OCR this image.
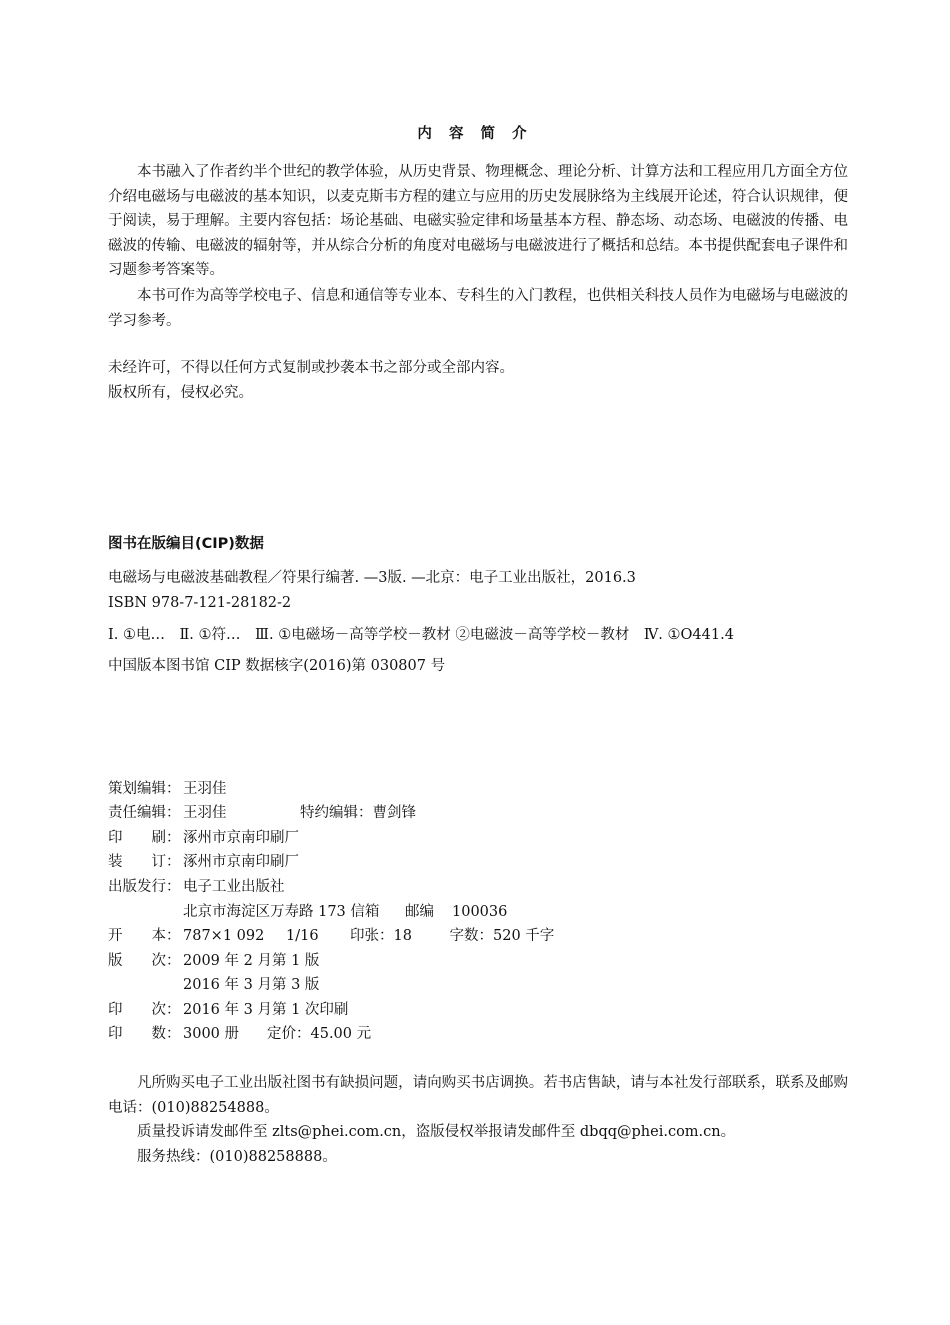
内 容 简 介

本书融入了作者约半个世纪的教学体验，从历史背景、物理概念、理论分析、计算方法和工程应用几方面全方位介绍电磁场与电磁波的基本知识，以麦克斯韦方程的建立与应用的历史发展脉络为主线展开论述，符合认识规律，便于阅读，易于理解。主要内容包括：场论基础、电磁实验定律和场量基本方程、静态场、动态场、电磁波的传播、电磁波的传输、电磁波的辐射等，并从综合分析的角度对电磁场与电磁波进行了概括和总结。本书提供配套电子课件和习题参考答案等。

本书可作为高等学校电子、信息和通信等专业本、专科生的入门教程，也供相关科技人员作为电磁场与电磁波的学习参考。

未经许可，不得以任何方式复制或抄袭本书之部分或全部内容。

版权所有，侵权必究。

图书在版编目(CIP)数据

电磁场与电磁波基础教程／符果行编著. —3版. —北京：电子工业出版社，2016.3

ISBN 978-7-121-28182-2

Ⅰ. ①电…　Ⅱ. ①符…　Ⅲ. ①电磁场－高等学校－教材 ②电磁波－高等学校－教材　Ⅳ. ①O441.4

中国版本图书馆 CIP 数据核字(2016)第 030807 号

策划编辑： 王羽佳
责任编辑： 王羽佳	特约编辑：曹剑锋
印　　刷： 涿州市京南印刷厂
装　　订： 涿州市京南印刷厂
出版发行： 电子工业出版社
北京市海淀区万寿路 173 信箱 邮编 100036
开　　本： 787×1 092 1/16 印张：18	字数：520 千字
版　　次： 2009 年 2 月第 1 版
2016 年 3 月第 3 版
印　　次： 2016 年 3 月第 1 次印刷
印　　数： 3000 册 定价：45.00 元

凡所购买电子工业出版社图书有缺损问题，请向购买书店调换。若书店售缺，请与本社发行部联系，联系及邮购电话：(010)88254888。

质量投诉请发邮件至 zlts@phei.com.cn，盗版侵权举报请发邮件至 dbqq@phei.com.cn。

服务热线：(010)88258888。
